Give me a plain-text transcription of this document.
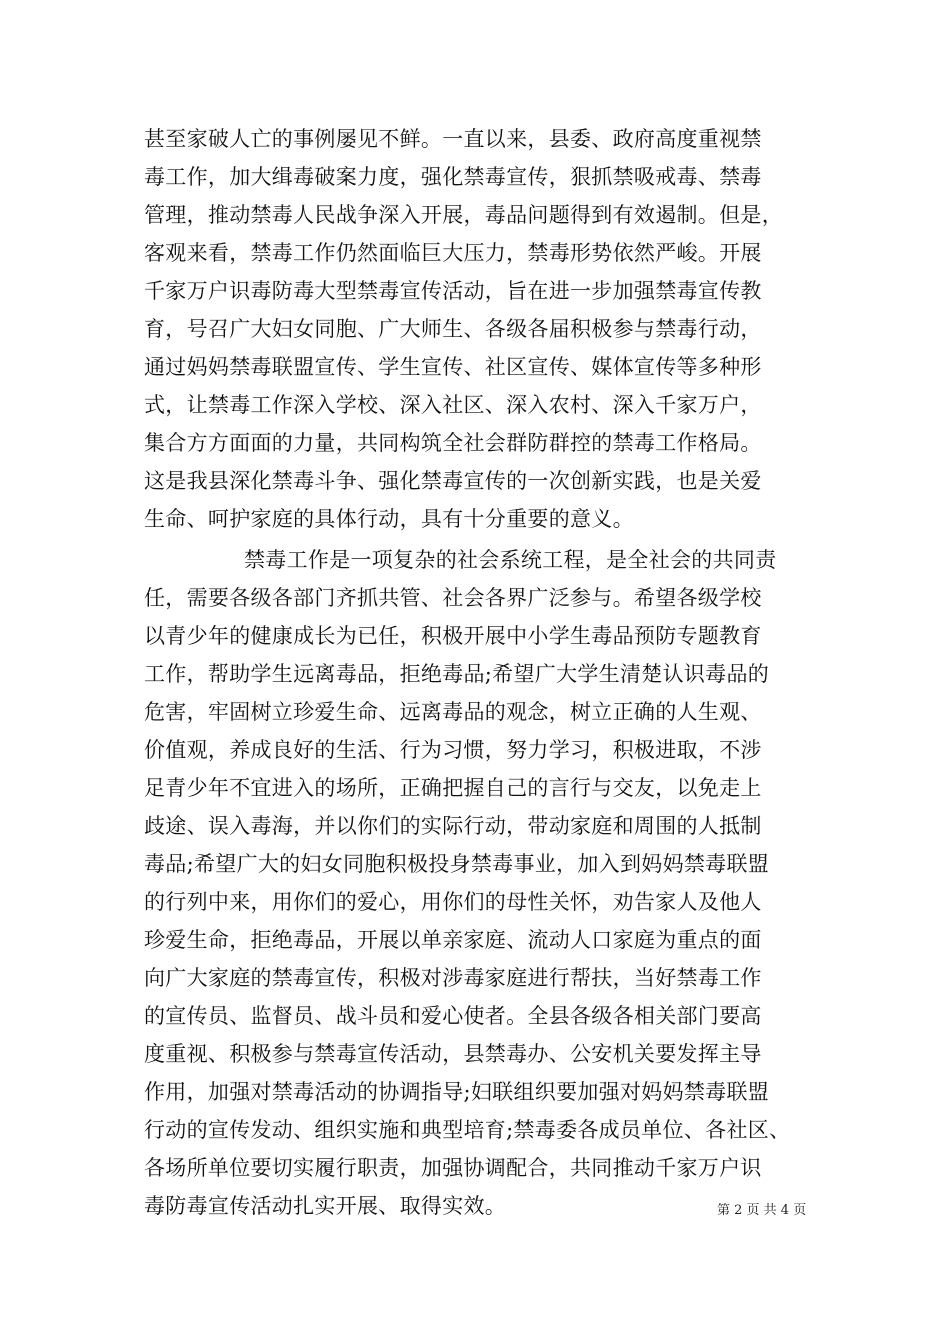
甚至家破人亡的事例屡见不鲜。一直以来，县委、政府高度重视禁
毒工作，加大缉毒破案力度，强化禁毒宣传，狠抓禁吸戒毒、禁毒
管理，推动禁毒人民战争深入开展，毒品问题得到有效遏制。但是，
客观来看，禁毒工作仍然面临巨大压力，禁毒形势依然严峻。开展
千家万户识毒防毒大型禁毒宣传活动，旨在进一步加强禁毒宣传教
育，号召广大妇女同胞、广大师生、各级各届积极参与禁毒行动，
通过妈妈禁毒联盟宣传、学生宣传、社区宣传、媒体宣传等多种形
式，让禁毒工作深入学校、深入社区、深入农村、深入千家万户，
集合方方面面的力量，共同构筑全社会群防群控的禁毒工作格局。
这是我县深化禁毒斗争、强化禁毒宣传的一次创新实践，也是关爱
生命、呵护家庭的具体行动，具有十分重要的意义。
禁毒工作是一项复杂的社会系统工程，是全社会的共同责
任，需要各级各部门齐抓共管、社会各界广泛参与。希望各级学校
以青少年的健康成长为已任，积极开展中小学生毒品预防专题教育
工作，帮助学生远离毒品，拒绝毒品;希望广大学生清楚认识毒品的
危害，牢固树立珍爱生命、远离毒品的观念，树立正确的人生观、
价值观，养成良好的生活、行为习惯，努力学习，积极进取，不涉
足青少年不宜进入的场所，正确把握自己的言行与交友，以免走上
歧途、误入毒海，并以你们的实际行动，带动家庭和周围的人抵制
毒品;希望广大的妇女同胞积极投身禁毒事业，加入到妈妈禁毒联盟
的行列中来，用你们的爱心，用你们的母性关怀，劝告家人及他人
珍爱生命，拒绝毒品，开展以单亲家庭、流动人口家庭为重点的面
向广大家庭的禁毒宣传，积极对涉毒家庭进行帮扶，当好禁毒工作
的宣传员、监督员、战斗员和爱心使者。全县各级各相关部门要高
度重视、积极参与禁毒宣传活动，县禁毒办、公安机关要发挥主导
作用，加强对禁毒活动的协调指导;妇联组织要加强对妈妈禁毒联盟
行动的宣传发动、组织实施和典型培育;禁毒委各成员单位、各社区、
各场所单位要切实履行职责，加强协调配合，共同推动千家万户识
毒防毒宣传活动扎实开展、取得实效。	第 2 页 共 4 页
